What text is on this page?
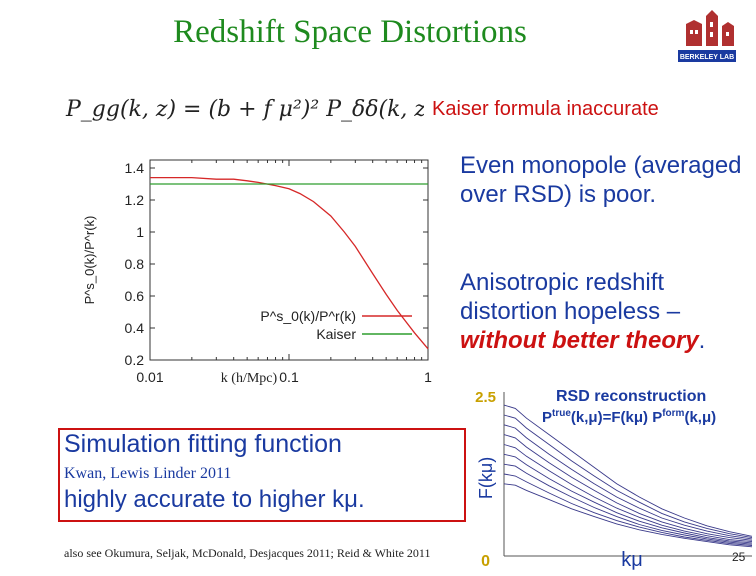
Redshift Space Distortions
BERKELEY LAB
P_gg(k, z) = (b + f μ²)² P_δδ(k, z)
Kaiser formula inaccurate
0.2
0.4
0.6
0.8
1
1.2
1.4
0.01	0.1	1
k (h/Mpc)
P^s_0(k)/P^r(k)
P^s_0(k)/P^r(k)
Kaiser
Even monopole (averaged over RSD) is poor.
Anisotropic redshift distortion hopeless – without better theory.
Simulation fitting function
Kwan, Lewis Linder 2011
highly accurate to higher kμ.
also see Okumura, Seljak, McDonald, Desjacques 2011; Reid & White 2011
2.5
0
F(kμ)
kμ
RSD reconstruction
$P^{true}(k,\mu)=F(k\mu)$ $P^{form}(k,\mu)$
25
